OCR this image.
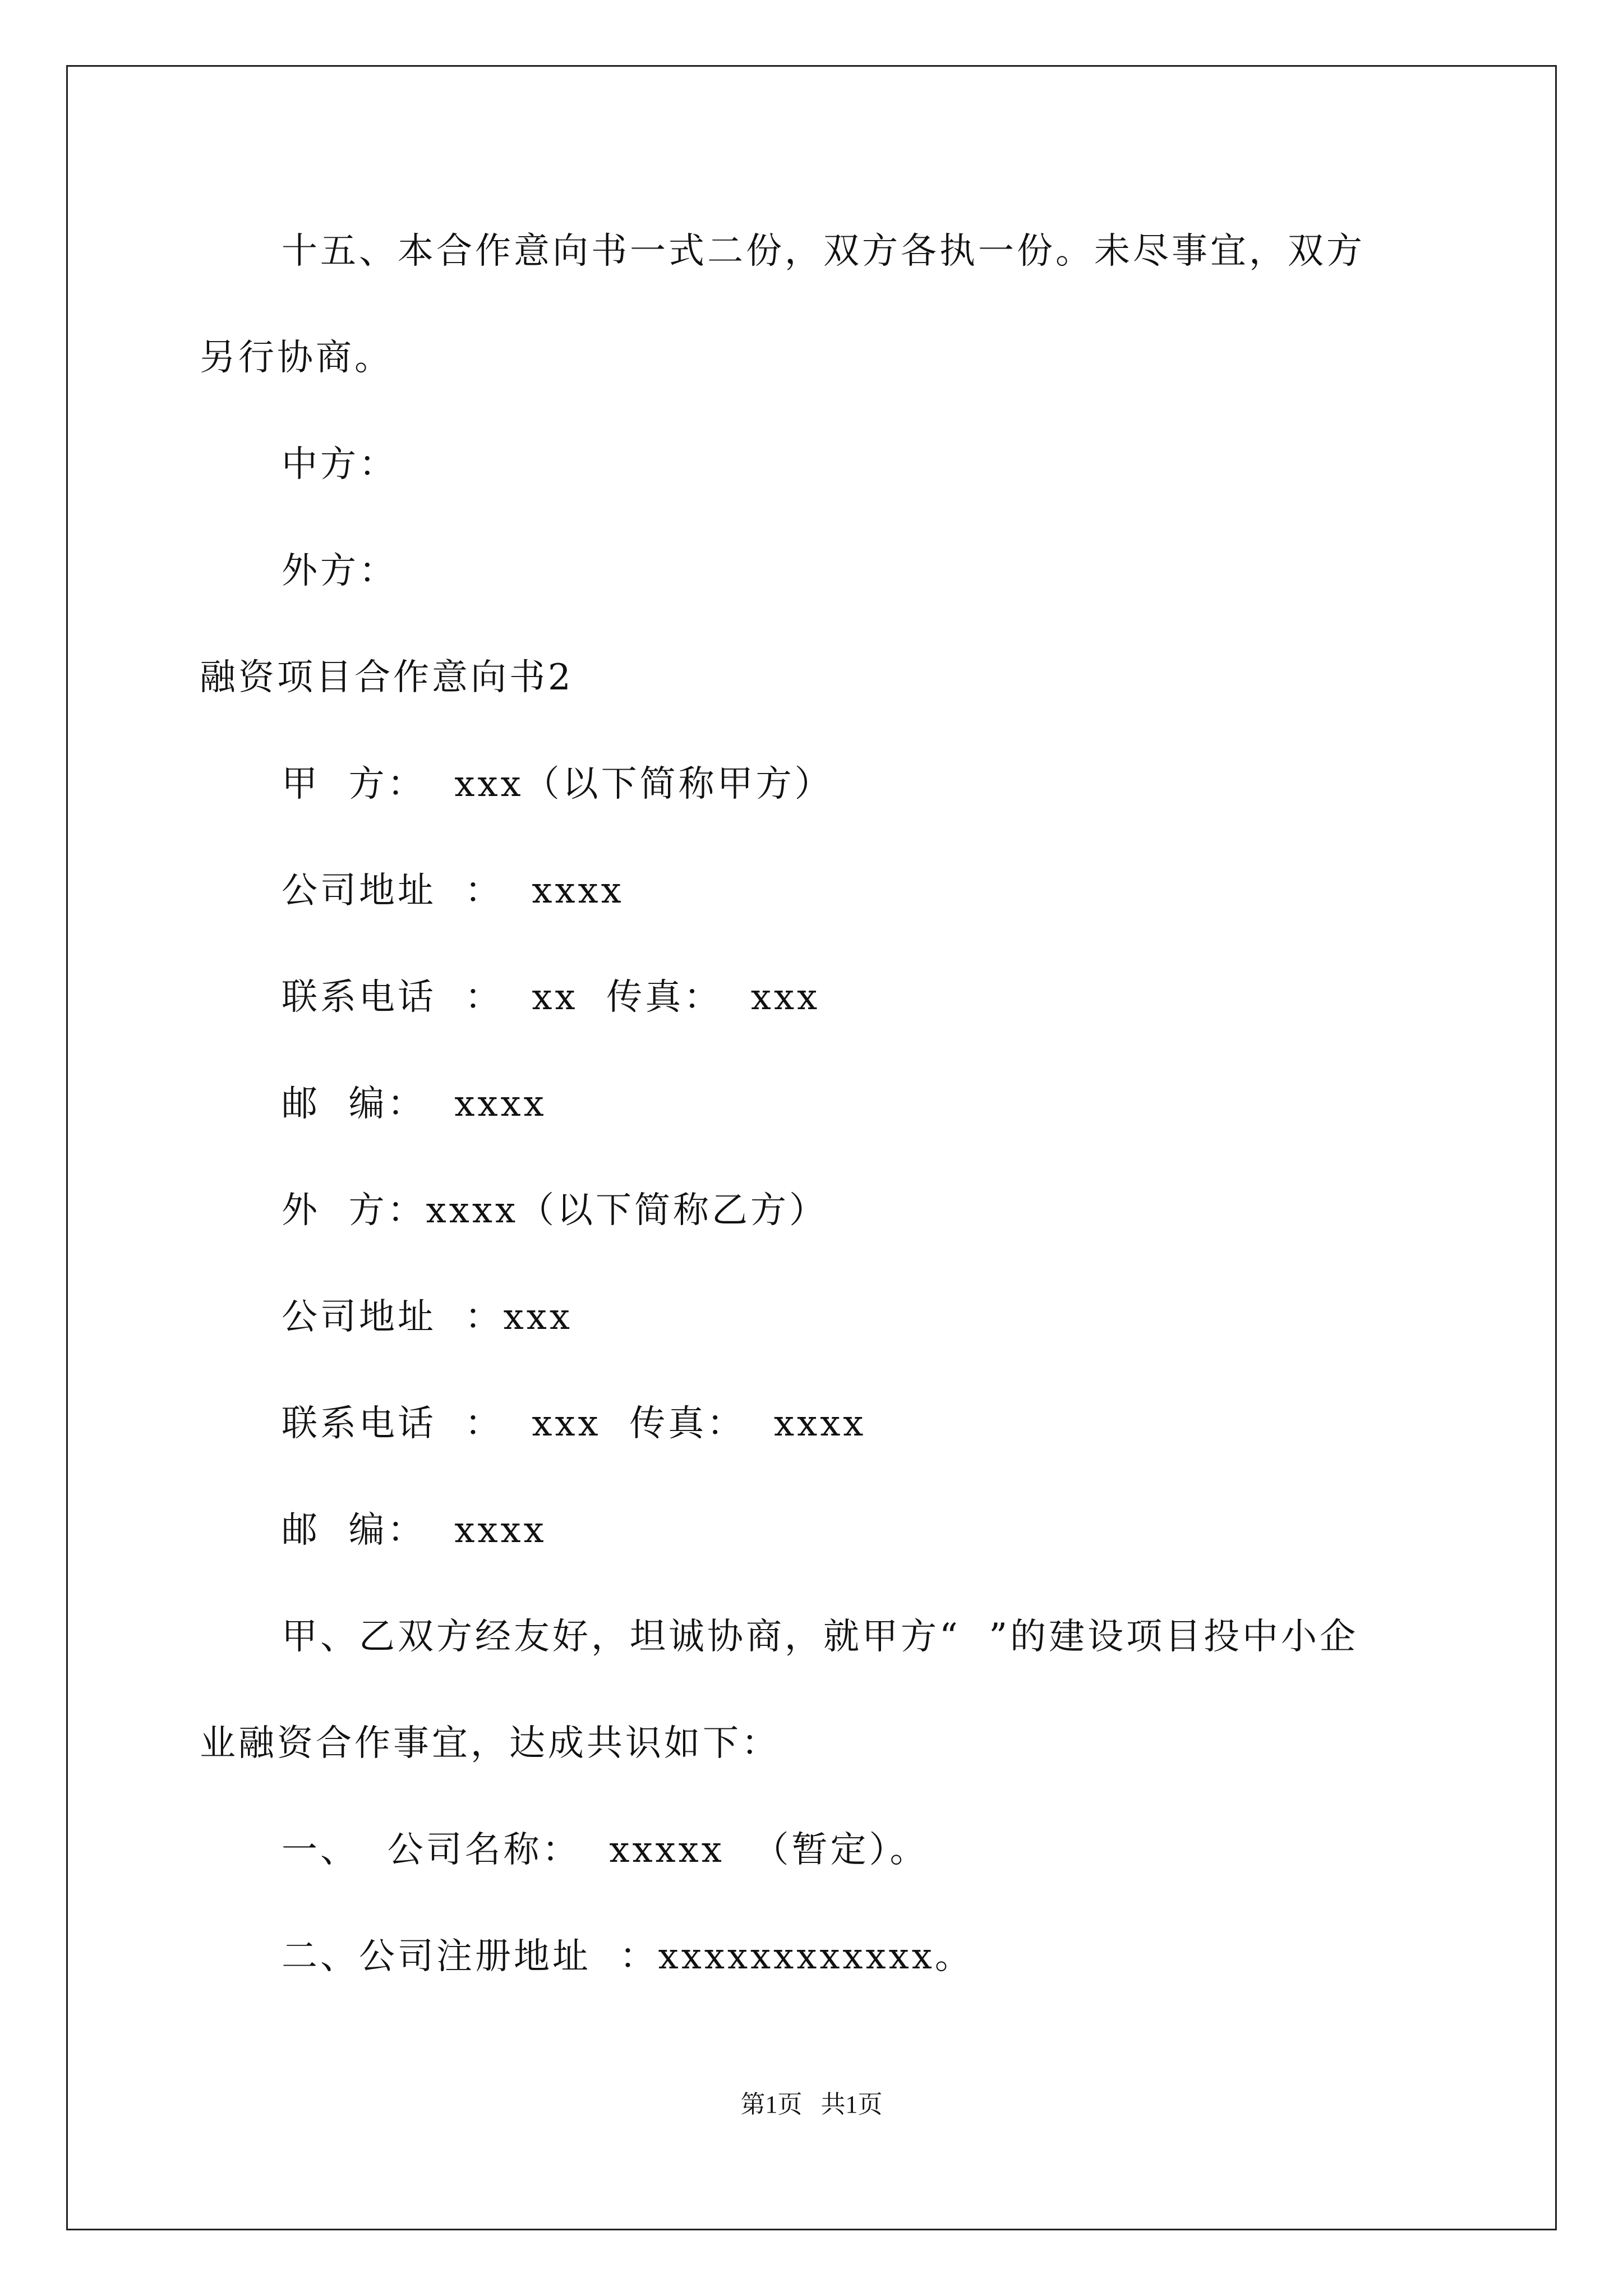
十五、本合作意向书一式二份，双方各执一份。未尽事宜，双方
另行协商。
中方：
外方：
融资项目合作意向书2
甲  方：  xxx（以下简称甲方）
公司地址  ：  xxxx
联系电话  ：  xx  传真：  xxx
邮  编：  xxxx
外  方：xxxx（以下简称乙方）
公司地址  ：xxx
联系电话  ：  xxx  传真：  xxxx
邮  编：  xxxx
甲、乙双方经友好，坦诚协商，就甲方“  ”的建设项目投中小企
业融资合作事宜，达成共识如下：
一、  公司名称：  xxxxx  （暂定）。
二、公司注册地址  ：xxxxxxxxxxxx。
第1页   共1页
